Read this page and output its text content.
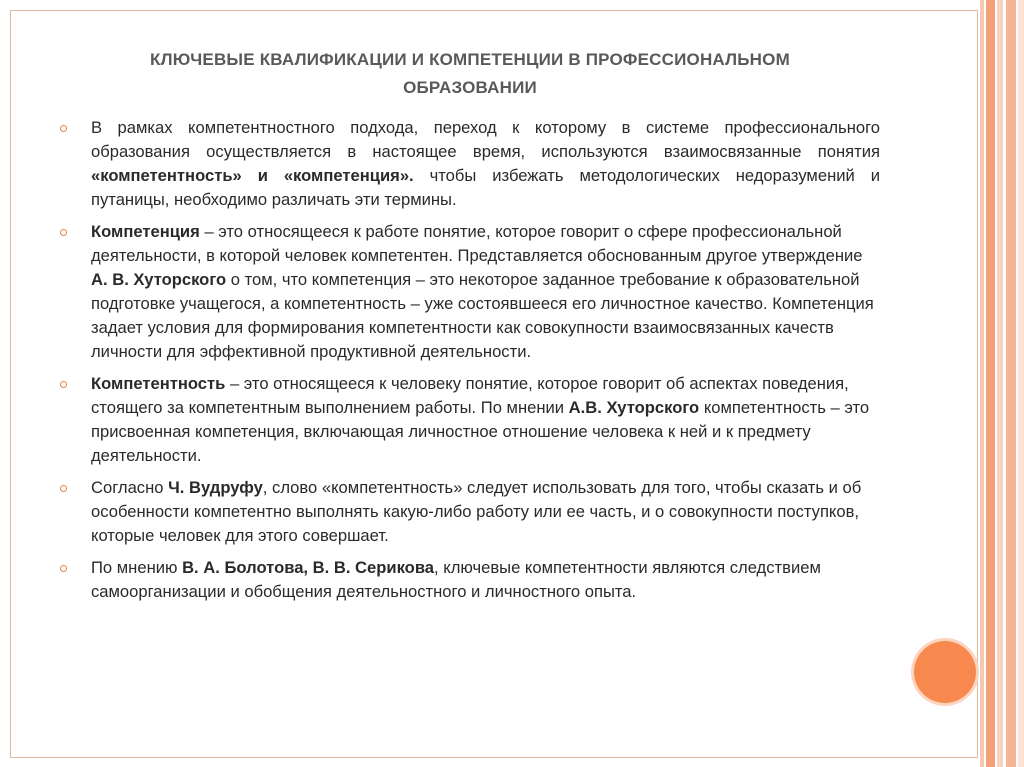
КЛЮЧЕВЫЕ КВАЛИФИКАЦИИ И КОМПЕТЕНЦИИ В ПРОФЕССИОНАЛЬНОМ
ОБРАЗОВАНИИ
В рамках компетентностного подхода, переход к которому в системе профессионального образования осуществляется в настоящее время, используются взаимосвязанные понятия «компетентность» и «компетенция». чтобы избежать методологических недоразумений и путаницы, необходимо различать эти термины.
Компетенция – это относящееся к работе понятие, которое говорит о сфере профессиональной деятельности, в которой человек компетентен. Представляется обоснованным другое утверждение А. В. Хуторского о том, что компетенция – это некоторое заданное требование к образовательной подготовке учащегося, а компетентность – уже состоявшееся его личностное качество. Компетенция задает условия для формирования компетентности как совокупности взаимосвязанных качеств личности для эффективной продуктивной деятельности.
Компетентность – это относящееся к человеку понятие, которое говорит об аспектах поведения, стоящего за компетентным выполнением работы. По мнении А.В. Хуторского компетентность – это присвоенная компетенция, включающая личностное отношение человека к ней и к предмету деятельности.
Согласно Ч. Вудруфу, слово «компетентность» следует использовать для того, чтобы сказать и об особенности компетентно выполнять какую-либо работу или ее часть, и о совокупности поступков, которые человек для этого совершает.
По мнению В. А. Болотова, В. В. Серикова, ключевые компетентности являются следствием самоорганизации и обобщения деятельностного и личностного опыта.
